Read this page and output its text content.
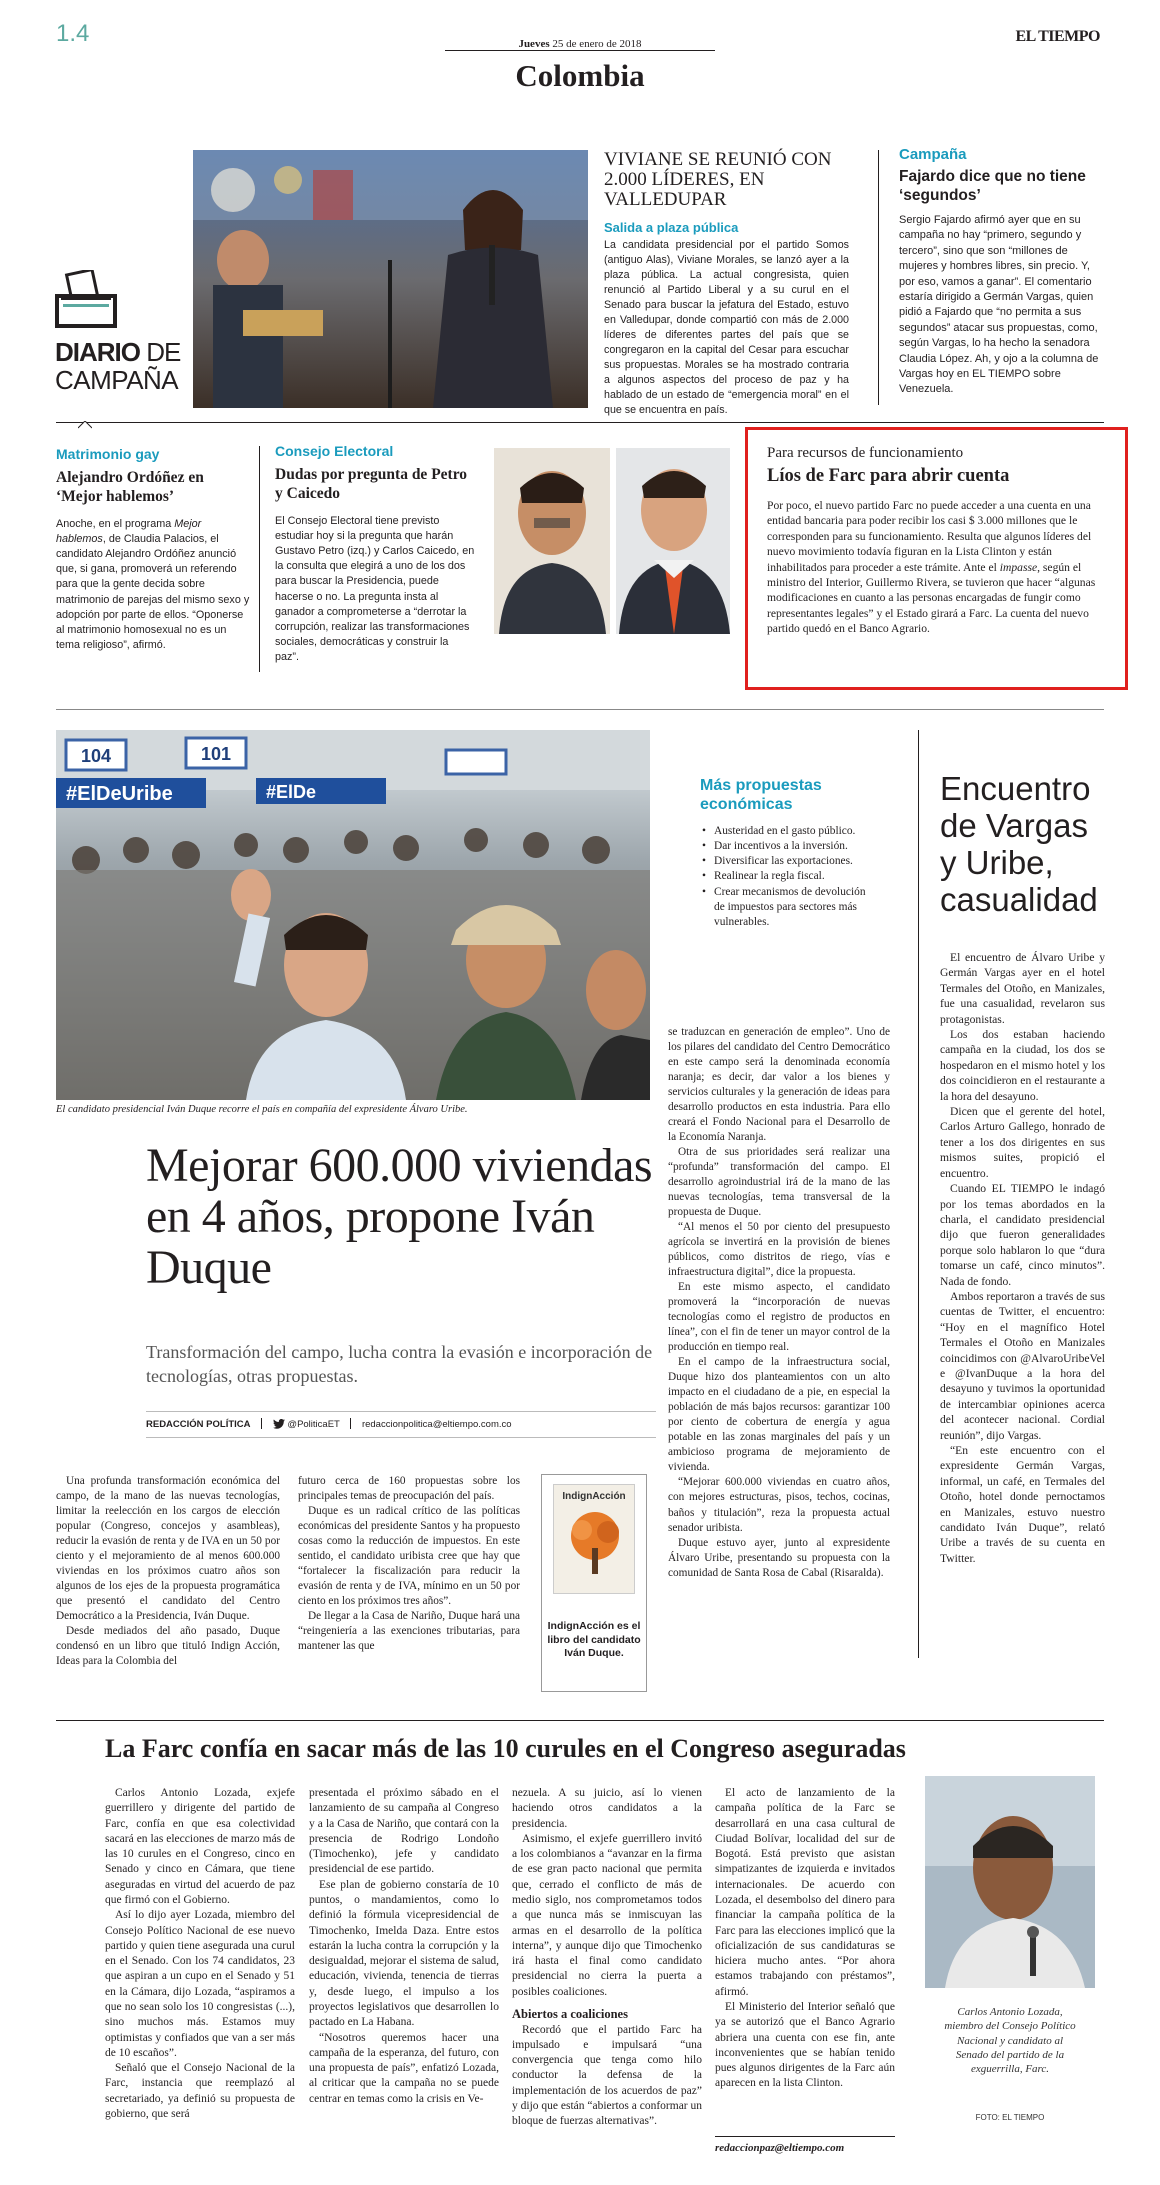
1.4	Jueves 25 de enero de 2018
Colombia
EL TIEMPO
DIARIO DE
CAMPAÑA
VIVIANE SE REUNIÓ CON 2.000 LÍDERES, EN VALLEDUPAR
Salida a plaza pública
La candidata presidencial por el partido Somos (antiguo Alas), Viviane Morales, se lanzó ayer a la plaza pública. La actual congresista, quien renunció al Partido Liberal y a su curul en el Senado para buscar la jefatura del Estado, estuvo en Valledupar, donde compartió con más de 2.000 líderes de diferentes partes del país que se congregaron en la capital del Cesar para escuchar sus propuestas. Morales se ha mostrado contraria a algunos aspectos del proceso de paz y ha hablado de un estado de “emergencia moral” en el que se encuentra en país.
Campaña
Fajardo dice que no tiene ‘segundos’
Sergio Fajardo afirmó ayer que en su campaña no hay “primero, segundo y tercero”, sino que son “millones de mujeres y hombres libres, sin precio. Y, por eso, vamos a ganar”. El comentario estaría dirigido a Germán Vargas, quien pidió a Fajardo que “no permita a sus segundos” atacar sus propuestas, como, según Vargas, lo ha hecho la senadora Claudia López. Ah, y ojo a la columna de Vargas hoy en EL TIEMPO sobre Venezuela.
Matrimonio gay
Alejandro Ordóñez en ‘Mejor hablemos’
Anoche, en el programa Mejor hablemos, de Claudia Palacios, el candidato Alejandro Ordóñez anunció que, si gana, promoverá un referendo para que la gente decida sobre matrimonio de parejas del mismo sexo y adopción por parte de ellos. “Oponerse al matrimonio homosexual no es un tema religioso”, afirmó.
Consejo Electoral
Dudas por pregunta de Petro y Caicedo
El Consejo Electoral tiene previsto estudiar hoy si la pregunta que harán Gustavo Petro (izq.) y Carlos Caicedo, en la consulta que elegirá a uno de los dos para buscar la Presidencia, puede hacerse o no. La pregunta insta al ganador a comprometerse a “derrotar la corrupción, realizar las transformaciones sociales, democráticas y construir la paz”.
Para recursos de funcionamiento
Líos de Farc para abrir cuenta
Por poco, el nuevo partido Farc no puede acceder a una cuenta en una entidad bancaria para poder recibir los casi $ 3.000 millones que le corresponden para su funcionamiento. Resulta que algunos líderes del nuevo movimiento todavía figuran en la Lista Clinton y están inhabilitados para proceder a este trámite. Ante el impasse, según el ministro del Interior, Guillermo Rivera, se tuvieron que hacer “algunas modificaciones en cuanto a las personas encargadas de fungir como representantes legales” y el Estado girará a Farc. La cuenta del nuevo partido quedó en el Banco Agrario.
104	101
#ElDeUribe	#ElDe
El candidato presidencial Iván Duque recorre el país en compañía del expresidente Álvaro Uribe.
Mejorar 600.000 viviendas en 4 años, propone Iván Duque
Transformación del campo, lucha contra la evasión e incorporación de tecnologías, otras propuestas.
REDACCIÓN POLÍTICA	@PoliticaET redaccionpolitica@eltiempo.com.co

Una profunda transformación económica del campo, de la mano de las nuevas tecnologías, limitar la reelección en los cargos de elección popular (Congreso, concejos y asambleas), reducir la evasión de renta y de IVA en un 50 por ciento y el mejoramiento de al menos 600.000 viviendas en los próximos cuatro años son algunos de los ejes de la propuesta programática que presentó el candidato del Centro Democrático a la Presidencia, Iván Duque.

Desde mediados del año pasado, Duque condensó en un libro que tituló Indign Acción, Ideas para la Colombia del

futuro cerca de 160 propuestas sobre los principales temas de preocupación del país.

Duque es un radical crítico de las políticas económicas del presidente Santos y ha propuesto cosas como la reducción de impuestos. En este sentido, el candidato uribista cree que hay que “fortalecer la fiscalización para reducir la evasión de renta y de IVA, mínimo en un 50 por ciento en los próximos tres años”.

De llegar a la Casa de Nariño, Duque hará una “reingeniería a las exenciones tributarias, para mantener las que

IndignAcción
IndignAcción es el libro del candidato Iván Duque.
Más propuestas económicas
• Austeridad en el gasto público.
• Dar incentivos a la inversión.
• Diversificar las exportaciones.
• Realinear la regla fiscal.
• Crear mecanismos de devolución de impuestos para sectores más vulnerables.

se traduzcan en generación de empleo”. Uno de los pilares del candidato del Centro Democrático en este campo será la denominada economía naranja; es decir, dar valor a los bienes y servicios culturales y la generación de ideas para desarrollo productos en esta industria. Para ello creará el Fondo Nacional para el Desarrollo de la Economía Naranja.

Otra de sus prioridades será realizar una “profunda” transformación del campo. El desarrollo agroindustrial irá de la mano de las nuevas tecnologías, tema transversal de la propuesta de Duque.

“Al menos el 50 por ciento del presupuesto agrícola se invertirá en la provisión de bienes públicos, como distritos de riego, vías e infraestructura digital”, dice la propuesta.

En este mismo aspecto, el candidato promoverá la “incorporación de nuevas tecnologías como el registro de productos en línea”, con el fin de tener un mayor control de la producción en tiempo real.

En el campo de la infraestructura social, Duque hizo dos planteamientos con un alto impacto en el ciudadano de a pie, en especial la población de más bajos recursos: garantizar 100 por ciento de cobertura de energía y agua potable en las zonas marginales del país y un ambicioso programa de mejoramiento de vivienda.

“Mejorar 600.000 viviendas en cuatro años, con mejores estructuras, pisos, techos, cocinas, baños y titulación”, reza la propuesta actual senador uribista.

Duque estuvo ayer, junto al expresidente Álvaro Uribe, presentando su propuesta con la comunidad de Santa Rosa de Cabal (Risaralda).

Encuentro de Vargas y Uribe, casualidad

El encuentro de Álvaro Uribe y Germán Vargas ayer en el hotel Termales del Otoño, en Manizales, fue una casualidad, revelaron sus protagonistas.

Los dos estaban haciendo campaña en la ciudad, los dos se hospedaron en el mismo hotel y los dos coincidieron en el restaurante a la hora del desayuno.

Dicen que el gerente del hotel, Carlos Arturo Gallego, honrado de tener a los dos dirigentes en sus mismos suites, propició el encuentro.

Cuando EL TIEMPO le indagó por los temas abordados en la charla, el candidato presidencial dijo que fueron generalidades porque solo hablaron lo que “dura tomarse un café, cinco minutos”. Nada de fondo.

Ambos reportaron a través de sus cuentas de Twitter, el encuentro: “Hoy en el magnífico Hotel Termales el Otoño en Manizales coincidimos con @AlvaroUribeVel e @IvanDuque a la hora del desayuno y tuvimos la oportunidad de intercambiar opiniones acerca del acontecer nacional. Cordial reunión”, dijo Vargas.

“En este encuentro con el expresidente Germán Vargas, informal, un café, en Termales del Otoño, hotel donde pernoctamos en Manizales, estuvo nuestro candidato Iván Duque”, relató Uribe a través de su cuenta en Twitter.

La Farc confía en sacar más de las 10 curules en el Congreso aseguradas

Carlos Antonio Lozada, exjefe guerrillero y dirigente del partido de Farc, confía en que esa colectividad sacará en las elecciones de marzo más de las 10 curules en el Congreso, cinco en Senado y cinco en Cámara, que tiene aseguradas en virtud del acuerdo de paz que firmó con el Gobierno.

Así lo dijo ayer Lozada, miembro del Consejo Político Nacional de ese nuevo partido y quien tiene asegurada una curul en el Senado. Con los 74 candidatos, 23 que aspiran a un cupo en el Senado y 51 en la Cámara, dijo Lozada, “aspiramos a que no sean solo los 10 congresistas (...), sino muchos más. Estamos muy optimistas y confiados que van a ser más de 10 escaños”.

Señaló que el Consejo Nacional de la Farc, instancia que reemplazó al secretariado, ya definió su propuesta de gobierno, que será

presentada el próximo sábado en el lanzamiento de su campaña al Congreso y a la Casa de Nariño, que contará con la presencia de Rodrigo Londoño (Timochenko), jefe y candidato presidencial de ese partido.

Ese plan de gobierno constaría de 10 puntos, o mandamientos, como lo definió la fórmula vicepresidencial de Timochenko, Imelda Daza. Entre estos estarán la lucha contra la corrupción y la desigualdad, mejorar el sistema de salud, educación, vivienda, tenencia de tierras y, desde luego, el impulso a los proyectos legislativos que desarrollen lo pactado en La Habana.

“Nosotros queremos hacer una campaña de la esperanza, del futuro, con una propuesta de país”, enfatizó Lozada, al criticar que la campaña no se puede centrar en temas como la crisis en Ve-

nezuela. A su juicio, así lo vienen haciendo otros candidatos a la presidencia.

Asimismo, el exjefe guerrillero invitó a los colombianos a “avanzar en la firma de ese gran pacto nacional que permita que, cerrado el conflicto de más de medio siglo, nos comprometamos todos a que nunca más se inmiscuyan las armas en el desarrollo de la política interna”, y aunque dijo que Timochenko irá hasta el final como candidato presidencial no cierra la puerta a posibles coaliciones.

Abiertos a coaliciones

Recordó que el partido Farc ha impulsado e impulsará “una convergencia que tenga como hilo conductor la defensa de la implementación de los acuerdos de paz” y dijo que están “abiertos a conformar un bloque de fuerzas alternativas”.

El acto de lanzamiento de la campaña política de la Farc se desarrollará en una casa cultural de Ciudad Bolívar, localidad del sur de Bogotá. Está previsto que asistan simpatizantes de izquierda e invitados internacionales. De acuerdo con Lozada, el desembolso del dinero para financiar la campaña política de la Farc para las elecciones implicó que la oficialización de sus candidaturas se hiciera mucho antes. “Por ahora estamos trabajando con préstamos”, afirmó.

El Ministerio del Interior señaló que ya se autorizó que el Banco Agrario abriera una cuenta con ese fin, ante inconvenientes que se habían tenido pues algunos dirigentes de la Farc aún aparecen en la lista Clinton.

redaccionpaz@eltiempo.com
Carlos Antonio Lozada, miembro del Consejo Político Nacional y candidato al Senado del partido de la exguerrilla, Farc.
FOTO: EL TIEMPO
